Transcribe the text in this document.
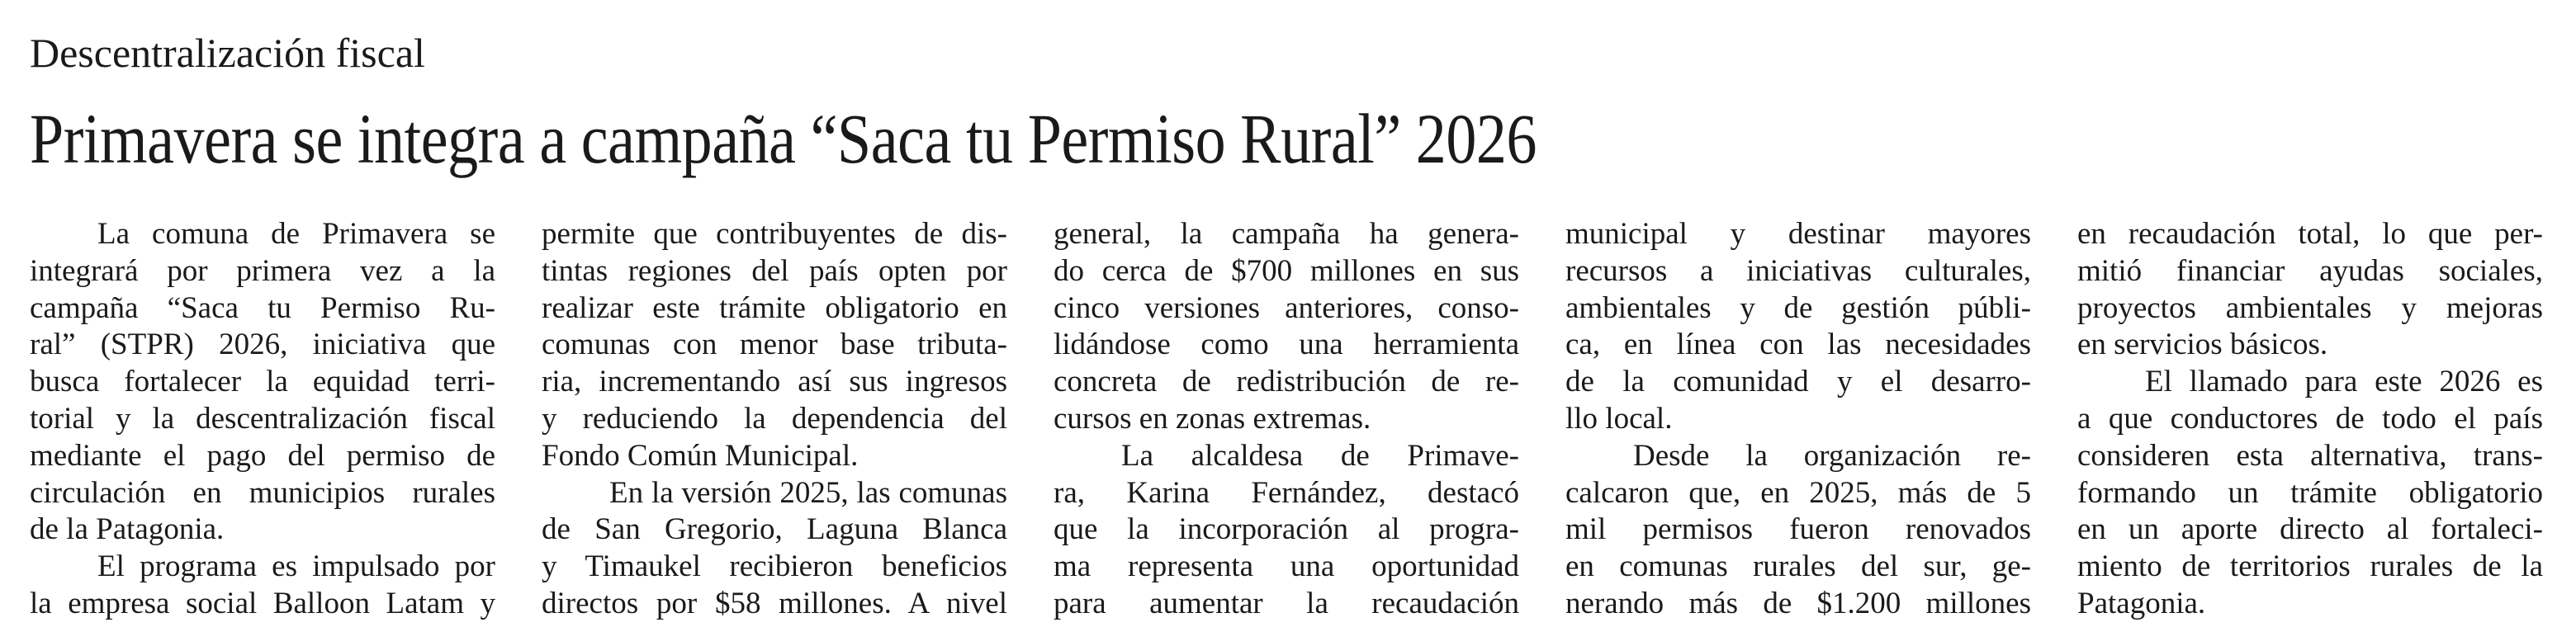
Descentralización fiscal
Primavera se integra a campaña “Saca tu Permiso Rural” 2026
La comuna de Primavera se
integrará por primera vez a la
campaña “Saca tu Permiso Ru-
ral” (STPR) 2026, iniciativa que
busca fortalecer la equidad terri-
torial y la descentralización fiscal
mediante el pago del permiso de
circulación en municipios rurales
de la Patagonia.
El programa es impulsado por
la empresa social Balloon Latam y
permite que contribuyentes de dis-
tintas regiones del país opten por
realizar este trámite obligatorio en
comunas con menor base tributa-
ria, incrementando así sus ingresos
y reduciendo la dependencia del
Fondo Común Municipal.
En la versión 2025, las comunas
de San Gregorio, Laguna Blanca
y Timaukel recibieron beneficios
directos por $58 millones. A nivel
general, la campaña ha genera-
do cerca de $700 millones en sus
cinco versiones anteriores, conso-
lidándose como una herramienta
concreta de redistribución de re-
cursos en zonas extremas.
La alcaldesa de Primave-
ra, Karina Fernández, destacó
que la incorporación al progra-
ma representa una oportunidad
para aumentar la recaudación
municipal y destinar mayores
recursos a iniciativas culturales,
ambientales y de gestión públi-
ca, en línea con las necesidades
de la comunidad y el desarro-
llo local.
Desde la organización re-
calcaron que, en 2025, más de 5
mil permisos fueron renovados
en comunas rurales del sur, ge-
nerando más de $1.200 millones
en recaudación total, lo que per-
mitió financiar ayudas sociales,
proyectos ambientales y mejoras
en servicios básicos.
El llamado para este 2026 es
a que conductores de todo el país
consideren esta alternativa, trans-
formando un trámite obligatorio
en un aporte directo al fortaleci-
miento de territorios rurales de la
Patagonia.
